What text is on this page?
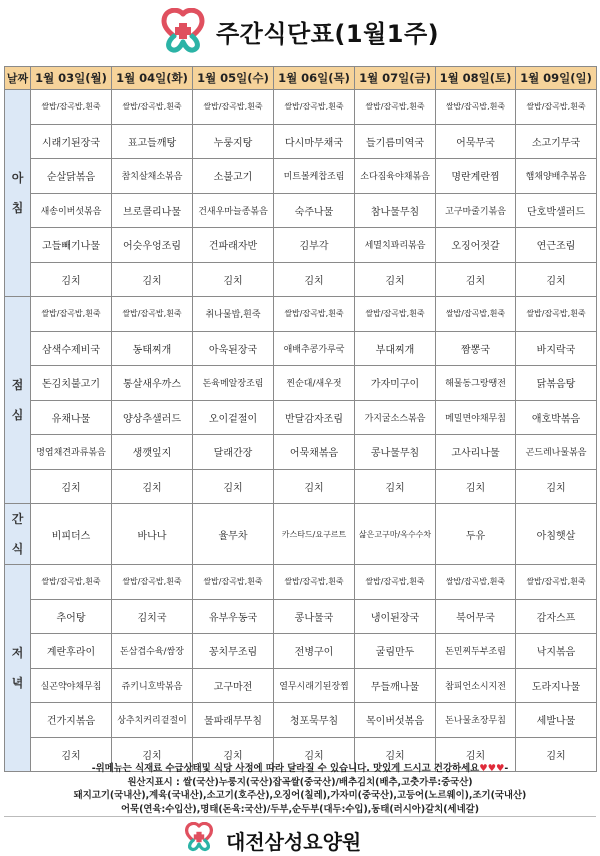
주간식단표(1월1주)
날짜	1월 03일(월)	1월 04일(화)	1월 05일(수)	1월 06일(목)	1월 07일(금)	1월 08일(토)	1월 09일(일)

아
침	쌀밥/잡곡밥,흰죽	쌀밥/잡곡밥,흰죽	쌀밥/잡곡밥,흰죽	쌀밥/잡곡밥,흰죽	쌀밥/잡곡밥,흰죽	쌀밥/잡곡밥,흰죽	쌀밥/잡곡밥,흰죽
	시래기된장국	표고들깨탕	누룽지탕	다시마무채국	들기름미역국	어묵무국	소고기무국
	순살닭볶음	참치살채소볶음	소불고기	미트볼케찹조림	소다짐육야채볶음	명란계란찜	햄채양배추볶음
	새송이버섯볶음	브로콜리나물	건새우마늘종볶음	숙주나물	참나물무침	고구마줄기볶음	단호박샐러드
	고들빼기나물	어슷우엉조림	건파래자반	김부각	세멸치꽈리볶음	오징어젓갈	연근조림
	김치	김치	김치	김치	김치	김치	김치

점
심	쌀밥/잡곡밥,흰죽	쌀밥/잡곡밥,흰죽	취나물밥,흰죽	쌀밥/잡곡밥,흰죽	쌀밥/잡곡밥,흰죽	쌀밥/잡곡밥,흰죽	쌀밥/잡곡밥,흰죽
	삼색수제비국	동태찌개	아욱된장국	애배추콩가루국	부대찌개	짬뽕국	바지락국
	돈김치불고기	통살새우까스	돈육메알장조림	찐순대/새우젓	가자미구이	해물동그랑땡전	닭볶음탕
	유채나물	양상추샐러드	오이겉절이	반달감자조림	가지굴소스볶음	메밀면야채무침	애호박볶음
	명엽채견과류볶음	생깻잎지	달래간장	어묵채볶음	콩나물무침	고사리나물	곤드레나물볶음
	김치	김치	김치	김치	김치	김치	김치

간
식	비피더스	바나나	율무차	카스타드/요구르트	삶은고구마/옥수수차	두유	아침햇살

저
녁	쌀밥/잡곡밥,흰죽	쌀밥/잡곡밥,흰죽	쌀밥/잡곡밥,흰죽	쌀밥/잡곡밥,흰죽	쌀밥/잡곡밥,흰죽	쌀밥/잡곡밥,흰죽	쌀밥/잡곡밥,흰죽
	추어탕	김치국	유부우동국	콩나물국	냉이된장국	북어무국	감자스프
	계란후라이	돈삼겹수육/쌈장	꽁치무조림	전병구이	굴림만두	돈민찌두부조림	낙지볶음
	실곤약야채무침	쥬키니호박볶음	고구마전	열무시래기된장찜	무들깨나물	참피언소시지전	도라지나물
	건가지볶음	상추치커리겉절이	물파래무무침	청포묵무침	목이버섯볶음	돈나물초장무침	세발나물
	김치	김치	김치	김치	김치	김치	김치
-위메뉴는 식재료 수급상태및 식당 사정에 따라 달라질 수 있습니다. 맛있게 드시고 건강하세요♥♥♥-
원산지표시 : 쌀(국산)누룽지(국산)잡곡쌀(중국산)/배추김치(배추,고춧가루:중국산)
돼지고기(국내산),계육(국내산),소고기(호주산),오징어(칠레),가자미(중국산),고등어(노르웨이),조기(국내산)
어묵(연육:수입산),명태(돈육:국산)/두부,순두부(대두:수입),동태(러시아)갈치(세네갈)
대전삼성요양원
